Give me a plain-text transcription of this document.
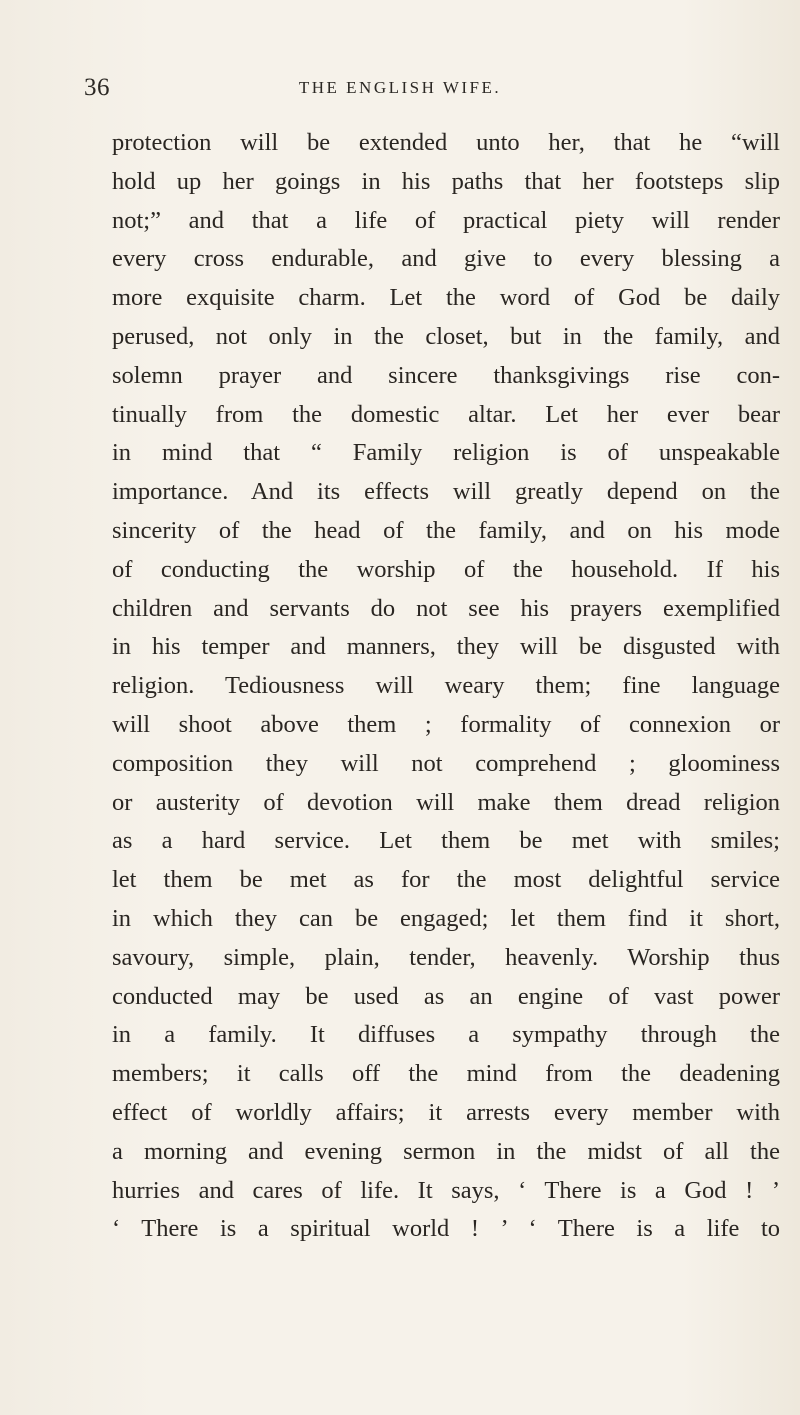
36	THE ENGLISH WIFE.
protection will be extended unto her, that he “will
hold up her goings in his paths that her footsteps slip
not;” and that a life of practical piety will render
every cross endurable, and give to every blessing a
more exquisite charm. Let the word of God be daily
perused, not only in the closet, but in the family, and
solemn prayer and sincere thanksgivings rise con-
tinually from the domestic altar. Let her ever bear
in mind that “ Family religion is of unspeakable
importance. And its effects will greatly depend on the
sincerity of the head of the family, and on his mode
of conducting the worship of the household. If his
children and servants do not see his prayers exemplified
in his temper and manners, they will be disgusted with
religion. Tediousness will weary them; fine language
will shoot above them ; formality of connexion or
composition they will not comprehend ; gloominess
or austerity of devotion will make them dread religion
as a hard service. Let them be met with smiles;
let them be met as for the most delightful service
in which they can be engaged; let them find it short,
savoury, simple, plain, tender, heavenly. Worship thus
conducted may be used as an engine of vast power
in a family. It diffuses a sympathy through the
members; it calls off the mind from the deadening
effect of worldly affairs; it arrests every member with
a morning and evening sermon in the midst of all the
hurries and cares of life. It says, ‘ There is a God ! ’
‘ There is a spiritual world ! ’ ‘ There is a life to
